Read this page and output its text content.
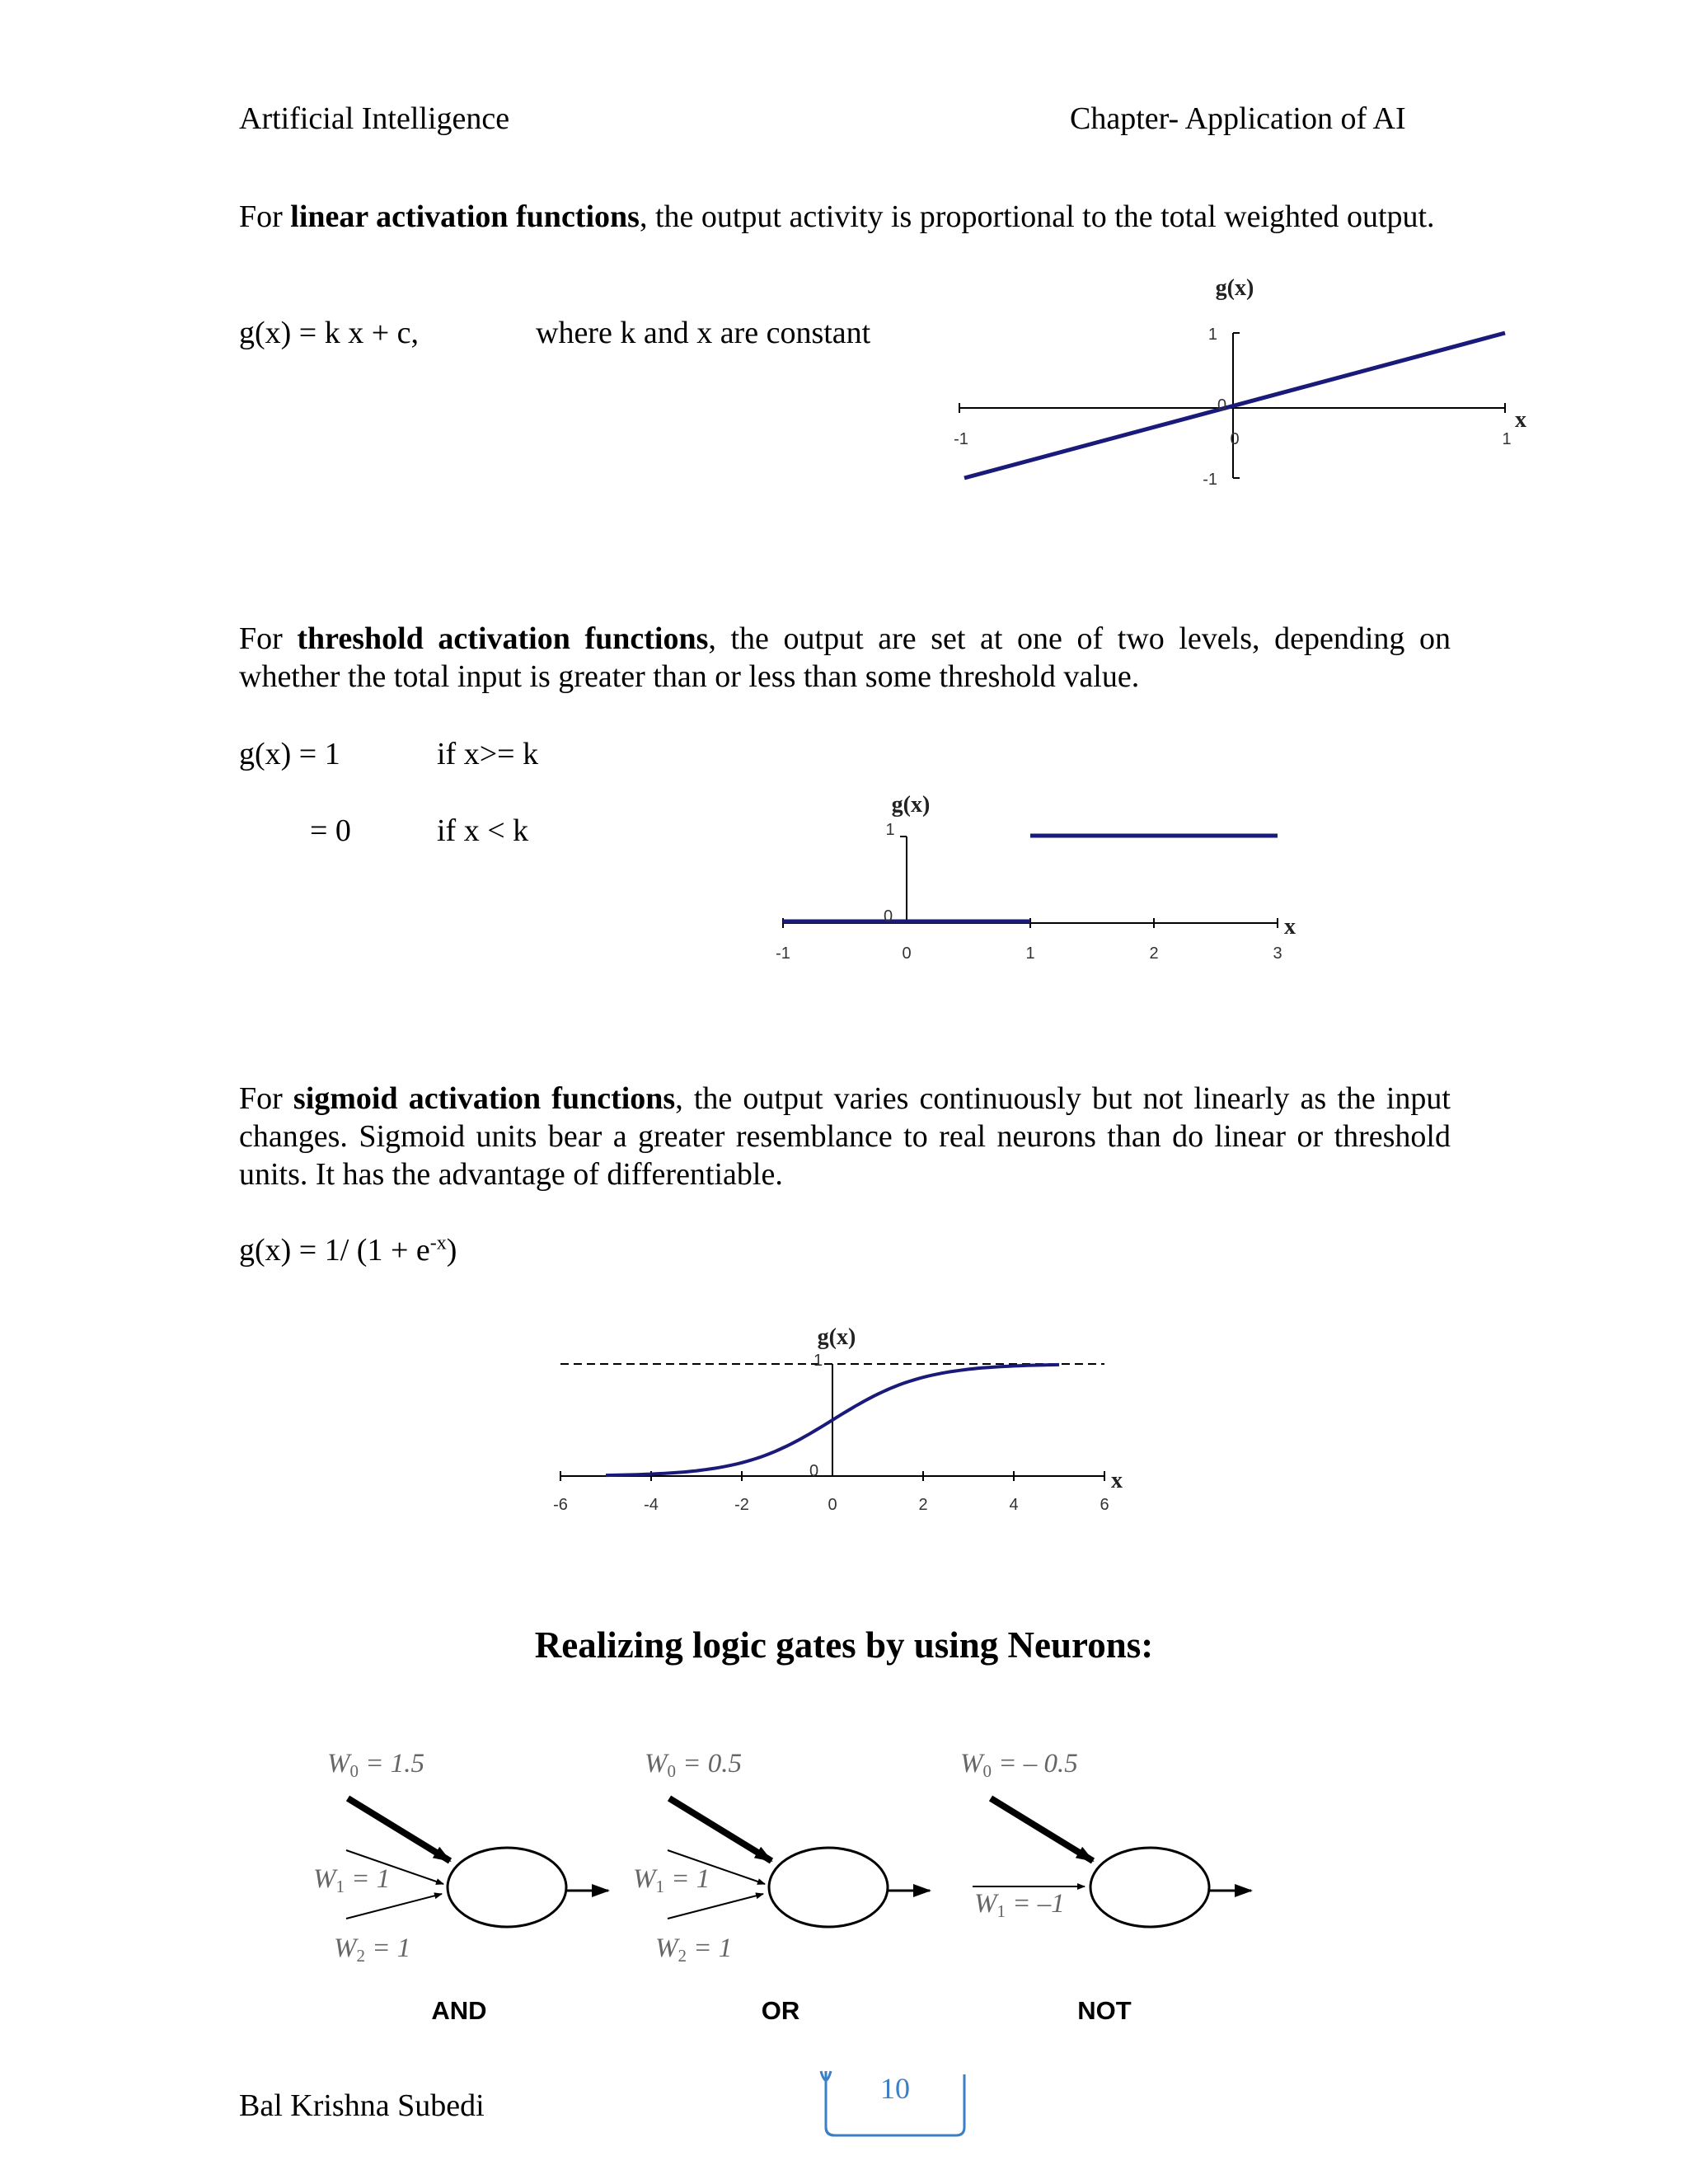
Artificial Intelligence	Chapter- Application of AI
For linear activation functions, the output activity is proportional to the total weighted output.
g(x) = k x + c,	where k and x are constant
g(x)
x
1
0
-1
-1	0	1
For threshold activation functions, the output are set at one of two levels, depending on whether the total input is greater than or less than some threshold value.
g(x) = 1	if x>= k
= 0	if x < k
g(x)
x
1
0
-1	0	1	2	3
For sigmoid activation functions, the output varies continuously but not linearly as the input changes. Sigmoid units bear a greater resemblance to real neurons than do linear or threshold units. It has the advantage of differentiable.
g(x) = 1/ $(1 + e^{-x})$
g(x)
x
1
0
-6	-4	-2	0	2	4	6
Realizing logic gates by using Neurons:
W0 = 1.5
W1 = 1
W2 = 1
W0 = 0.5
W1 = 1
W2 = 1
W0 = – 0.5
W1 = –1
AND	OR	NOT
Bal Krishna Subedi	10
